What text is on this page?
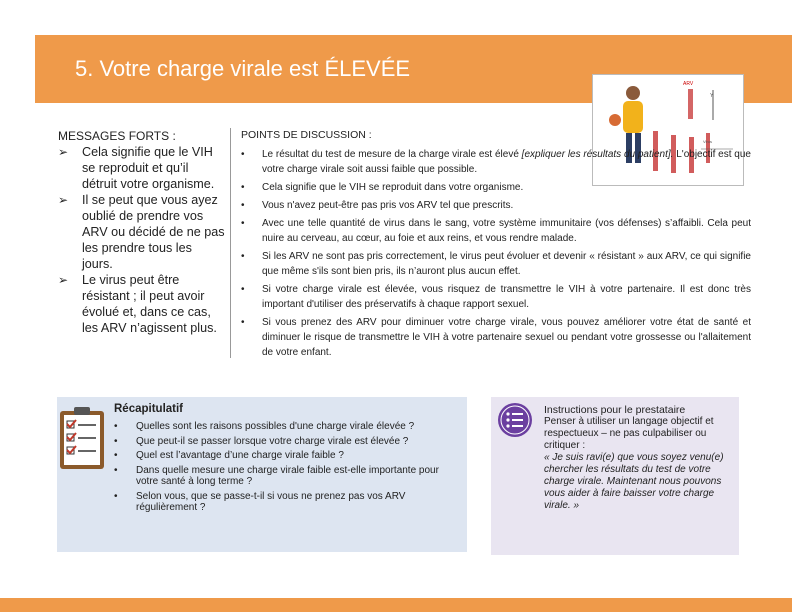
5. Votre charge virale est ÉLEVÉE
ARV
Y
Virus
MESSAGES FORTS :
➢ Cela signifie que le VIH se reproduit et qu’il détruit votre organisme.
➢ Il se peut que vous ayez oublié de prendre vos ARV ou décidé de ne pas les prendre tous les jours.
➢ Le virus peut être résistant ; il peut avoir évolué et, dans ce cas, les ARV n’agissent plus.
POINTS DE DISCUSSION :
• Le résultat du test de mesure de la charge virale est élevé [expliquer les résultats du patient]. L'objectif est que votre charge virale soit aussi faible que possible.
• Cela signifie que le VIH se reproduit dans votre organisme.
• Vous n'avez peut-être pas pris vos ARV tel que prescrits.
• Avec une telle quantité de virus dans le sang, votre système immunitaire (vos défenses) s’affaibli. Cela peut nuire au cerveau, au cœur, au foie et aux reins, et vous rendre malade.
• Si les ARV ne sont pas pris correctement, le virus peut évoluer et devenir « résistant » aux ARV, ce qui signifie que même s'ils sont bien pris, ils n’auront plus aucun effet.
• Si votre charge virale est élevée, vous risquez de transmettre le VIH à votre partenaire. Il est donc très important d'utiliser des préservatifs à chaque rapport sexuel.
• Si vous prenez des ARV pour diminuer votre charge virale, vous pouvez améliorer votre état de santé et diminuer le risque de transmettre le VIH à votre partenaire sexuel ou pendant votre grossesse ou l'allaitement de votre enfant.
Récapitulatif
• Quelles sont les raisons possibles d'une charge virale élevée ?
• Que peut-il se passer lorsque votre charge virale est élevée ?
• Quel est l’avantage d’une charge virale faible ?
• Dans quelle mesure une charge virale faible est-elle importante pour votre santé à long terme ?
• Selon vous, que se passe-t-il si vous ne prenez pas vos ARV régulièrement ?
Instructions pour le prestataire
Penser à utiliser un langage objectif et respectueux – ne pas culpabiliser ou critiquer :
« Je suis ravi(e) que vous soyez venu(e) chercher les résultats du test de votre charge virale. Maintenant nous pouvons vous aider à faire baisser votre charge virale. »
